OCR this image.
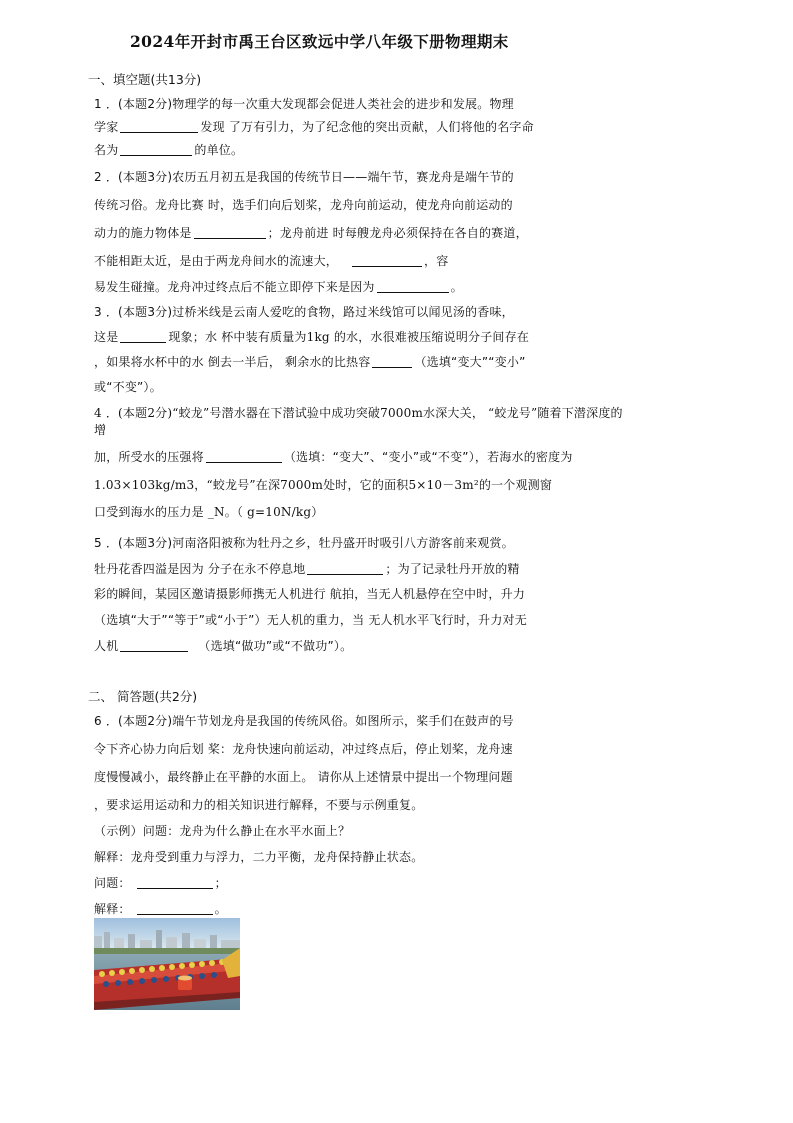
2024年开封市禹王台区致远中学八年级下册物理期末
一、填空题(共13分)
1 ．(本题2分)物理学的每一次重大发现都会促进人类社会的进步和发展。物理
学家	发现 了万有引力，为了纪念他的突出贡献，人们将他的名字命
名为	的单位。
2 ．(本题3分)农历五月初五是我国的传统节日——端午节，赛龙舟是端午节的
传统习俗。龙舟比赛 时，选手们向后划桨，龙舟向前运动，使龙舟向前运动的
动力的施力物体是	；龙舟前进 时每艘龙舟必须保持在各自的赛道，
不能相距太近，是由于两龙舟间水的流速大，	，容
易发生碰撞。龙舟冲过终点后不能立即停下来是因为	。
3 ．(本题3分)过桥米线是云南人爱吃的食物，路过米线馆可以闻见汤的香味，
这是	现象；水 杯中装有质量为1kg 的水，水很难被压缩说明分子间存在
，如果将水杯中的水 倒去一半后， 剩余水的比热容	（选填“变大”“变小”
或“不变”）。
4 ．(本题2分)“蛟龙”号潜水器在下潜试验中成功突破7000m水深大关， “蛟龙号”随着下潜深度的
增
加，所受水的压强将	（选填：“变大”、“变小”或“不变”），若海水的密度为
1.03×103kg/m3，“蛟龙号”在深7000m处时，它的面积5×10－3m²的一个观测窗
口受到海水的压力是 _N。（ g=10N/kg）
5 ．(本题3分)河南洛阳被称为牡丹之乡，牡丹盛开时吸引八方游客前来观赏。
牡丹花香四溢是因为 分子在永不停息地	；为了记录牡丹开放的精
彩的瞬间，某园区邀请摄影师携无人机进行 航拍，当无人机悬停在空中时，升力
（选填“大于”“等于”或“小于”）无人机的重力，当 无人机水平飞行时，升力对无
人机	（选填“做功”或“不做功”）。
二、 简答题(共2分)
6 ．(本题2分)端午节划龙舟是我国的传统风俗。如图所示，桨手们在鼓声的号
令下齐心协力向后划 桨：龙舟快速向前运动，冲过终点后，停止划桨，龙舟速
度慢慢减小，最终静止在平静的水面上。 请你从上述情景中提出一个物理问题
，要求运用运动和力的相关知识进行解释，不要与示例重复。
（示例）问题：龙舟为什么静止在水平水面上？
解释：龙舟受到重力与浮力，二力平衡，龙舟保持静止状态。
问题：	；
解释：	。
